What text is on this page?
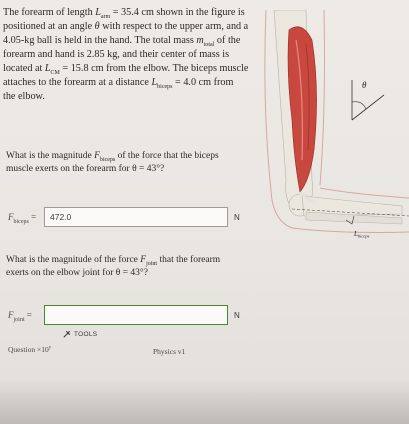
The forearm of length $L_{arm} = 35.4$ cm shown in the figure is
positioned at an angle θ with respect to the upper arm, and a
4.05-kg ball is held in the hand. The total mass $m_{total}$ of the
forearm and hand is 2.85 kg, and their center of mass is
located at $L_{CM} = 15.8$ cm from the elbow. The biceps muscle
attaches to the forearm at a distance $L_{biceps} = 4.0$ cm from
the elbow.
What is the magnitude $F_{biceps}$ of the force that the biceps
muscle exerts on the forearm for θ = 43°?
$F_{biceps}$ =	472.0	N
What is the magnitude of the force $F_{joint}$ that the forearm
exerts on the elbow joint for θ = 43°?
$F_{joint}$ =	N
TOOLS
Question $\times 10^y$	Physics v1
θ
$L_{biceps}$
